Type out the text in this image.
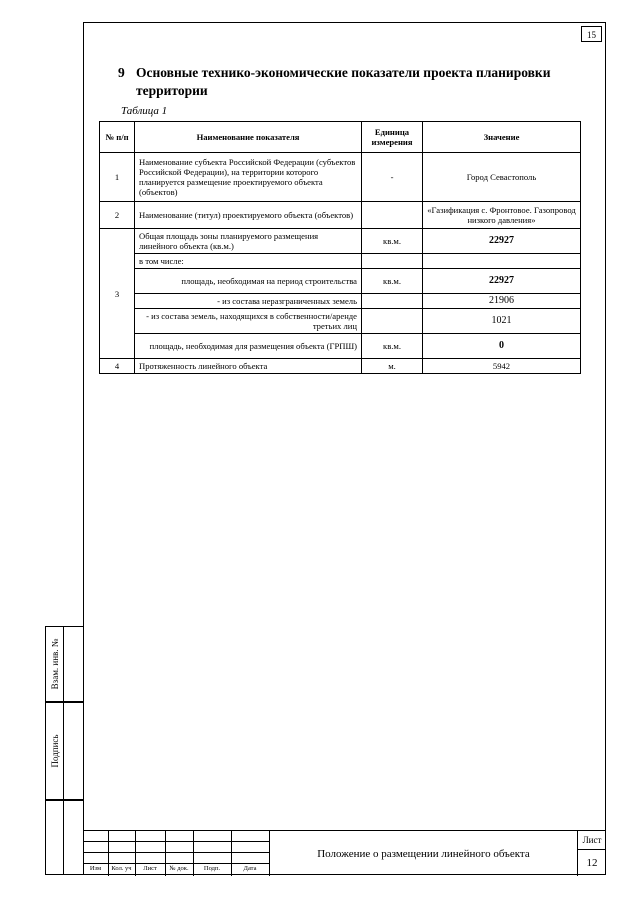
15
9 Основные технико-экономические показатели проекта планировки
территории
Таблица 1
№ п/п	Наименование показателя	Единица измерения	Значение
1	Наименование субъекта Российской Федерации (субъектов Российской Федерации), на территории которого планируется размещение проектируемого объекта (объектов)	-	Город Севастополь
2	Наименование (титул) проектируемого объекта (объектов)		«Газификация с. Фронтовое. Газопровод низкого давления»
3	Общая площадь зоны планируемого размещения линейного объекта (кв.м.)	кв.м.	22927
	в том числе:		
	площадь, необходимая на период строительства	кв.м.	22927
	- из состава неразграниченных земель		21906
	- из состава земель, находящихся в собственности/аренде третьих лиц		1021
	площадь, необходимая для размещения объекта (ГРПШ)	кв.м.	0
4	Протяженность линейного объекта	м.	5942
Взам. инв. №
Подпись
Изм	Кол. уч	Лист	№ док.	Подп.	Дата
Положение о размещении линейного объекта
Лист
12
